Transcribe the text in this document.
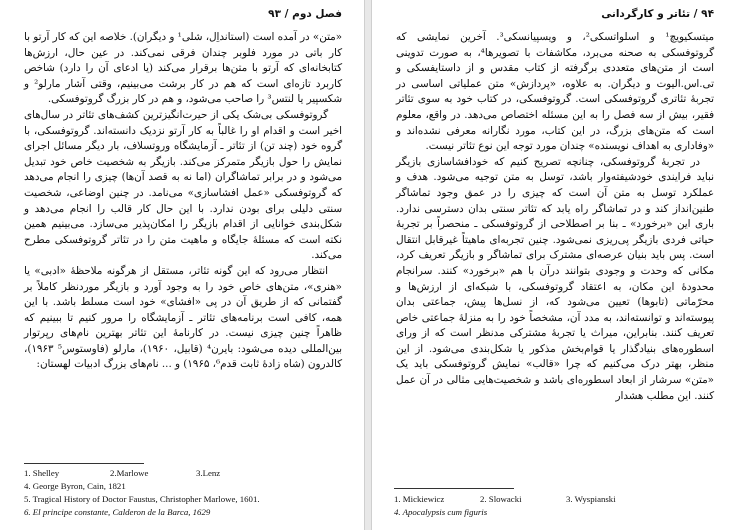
فصل دوم / ۹۳

«متن» در آمده است (استانداِل، شلی¹ و دیگران). خلاصه این که کار آرتو با کار باتی در مورد فلوبر چندان فرقی نمی‌کند. در عین حال، ارزش‌ها کتابخانه‌ای که آرتو با متن‌ها برقرار می‌کند (یا ادعای آن را دارد) شاخص کاربرد تازه‌ای است که هم در کار برشت می‌بینیم، وقتی آشار مارلو² و شکسپیر یا لنتس³ را صاحب می‌شود، و هم در کار بزرگ گروتوفسکی.

گروتوفسکی بی‌شک یکی از حیرت‌انگیزترین کشف‌های تئاتر در سال‌های اخیر است و اقدام او را غالباً به کار آرتو نزدیک دانسته‌اند. گروتوفسکی، با گروه خود (چند تن) از تئاتر ـ آزمایشگاه وروتسلاف، بار دیگر مسائل اجرای نمایش را حول بازیگر متمرکز می‌کند. بازیگر به شخصیت خاص خود تبدیل می‌شود و در برابر تماشاگران (اما نه به قصد آن‌ها) چیزی را انجام می‌دهد که گروتوفسکی «عمل افشاسازی» می‌نامد. در چنین اوضاعی، شخصیت سنتی دلیلی برای بودن ندارد. با این حال کار قالب را انجام می‌دهد و شکل‌بندی خوانایی از اقدام بازیگر را امکان‌پذیر می‌سازد. می‌بینیم همین نکته است که مسئلهٔ جایگاه و ماهیت متن را در تئاتر گروتوفسکی مطرح می‌کند.

انتظار می‌رود که این گونه تئاتر، مستقل از هرگونه ملاحظهٔ «ادبی» یا «هنری»، متن‌های خاص خود را به وجود آورد و بازیگر موردنظر کاملاً بر گفتمانی که از طریق آن در پی «افشای» خود است مسلط باشد. با این همه، کافی است برنامه‌های تئاتر ـ آزمایشگاه را مرور کنیم تا ببینیم که ظاهراً چنین چیزی نیست. در کارنامهٔ این تئاتر بهترین نام‌های رپرتوار بین‌المللی دیده می‌شود: بایرن⁴ (قابیل، ۱۹۶۰)، مارلو (فاوستوس⁵ ۱۹۶۳)، کالدرون (شاه زادهٔ ثابت قدم⁶، ۱۹۶۵) و ... نام‌های بزرگ ادبیات لهستان:

1. Shelley	2.Marlowe	3.Lenz
4. George Byron, Cain, 1821
5. Tragical History of Doctor Faustus, Christopher Marlowe, 1601.
6. El principe constante, Calderon de la Barca, 1629
۹۴ / تئاتر و کارگردانی

میتسکیویچ¹ و اسلواتسکی²، و ویسپیانسکی³. آخرین نمایشی که گروتوفسکی به صحنه می‌برد، مکاشفات با تصویرها⁴، به صورت تدوینی است از متن‌های متعددی برگرفته از کتاب مقدس و از داستایفسکی و تی.اس.الیوت و دیگران. به علاوه، «پردازش» متن عملیاتی اساسی در تجربهٔ تئاتری گروتوفسکی است. گروتوفسکی، در کتاب خود به سوی تئاتر فقیر، بیش از سه فصل را به این مسئله اختصاص می‌دهد. در واقع، معلوم است که متن‌های بزرگ، در این کتاب، مورد نگارانه معرفی نشده‌اند و «وفاداری به اهداف نویسنده» چندان مورد توجه این نوع تئاتر نیست.

در تجربهٔ گروتوفسکی، چنانچه تصریح کنیم که خودافشاسازی بازیگر نباید فرایندی خودشیفته‌وار باشد، توسل به متن توجیه می‌شود. هدف و عملکرد توسل به متن آن است که چیزی را در عمق وجود تماشاگر طنین‌انداز کند و در تماشاگر راه یابد که تئاتر سنتی بدان دسترسی ندارد. باری این «برخورد» ـ بنا بر اصطلاحی از گروتوفسکی ـ منحصراً بر تجربهٔ حیاتی فردی بازیگر پی‌ریزی نمی‌شود. چنین تجربه‌ای ماهیتاً غیرقابل انتقال است. پس باید بنیان عرصه‌ای مشترک برای تماشاگر و بازیگر تعریف کرد، مکانی که وحدت و وجودی بتوانند درآن با هم «برخورد» کنند. سرانجام محدودهٔ این مکان، به اعتقاد گروتوفسکی، با شبکه‌ای از ارزش‌ها و محرّماتی (تابوها) تعیین می‌شود که، از نسل‌ها پیش، جماعتی بدان پیوسته‌اند و توانسته‌اند، به مدد آن، مشخصاً خود را به منزلهٔ جماعتی خاص تعریف کنند. بنابراین، میراث یا تجربهٔ مشترکی مدنظر است که از ورای اسطوره‌های بنیادگذار یا قوام‌بخش مذکور یا شکل‌بندی می‌شود. از این منظر، بهتر درک می‌کنیم که چرا «قالب» نمایش گروتوفسکی باید یک «متن» سرشار از ابعاد اسطوره‌ای باشد و شخصیت‌هایی مثالی در آن عمل کنند. این مطلب هشدار

1. Mickiewicz	2. Slowacki	3. Wyspianski
4. Apocalypsis cum figuris
